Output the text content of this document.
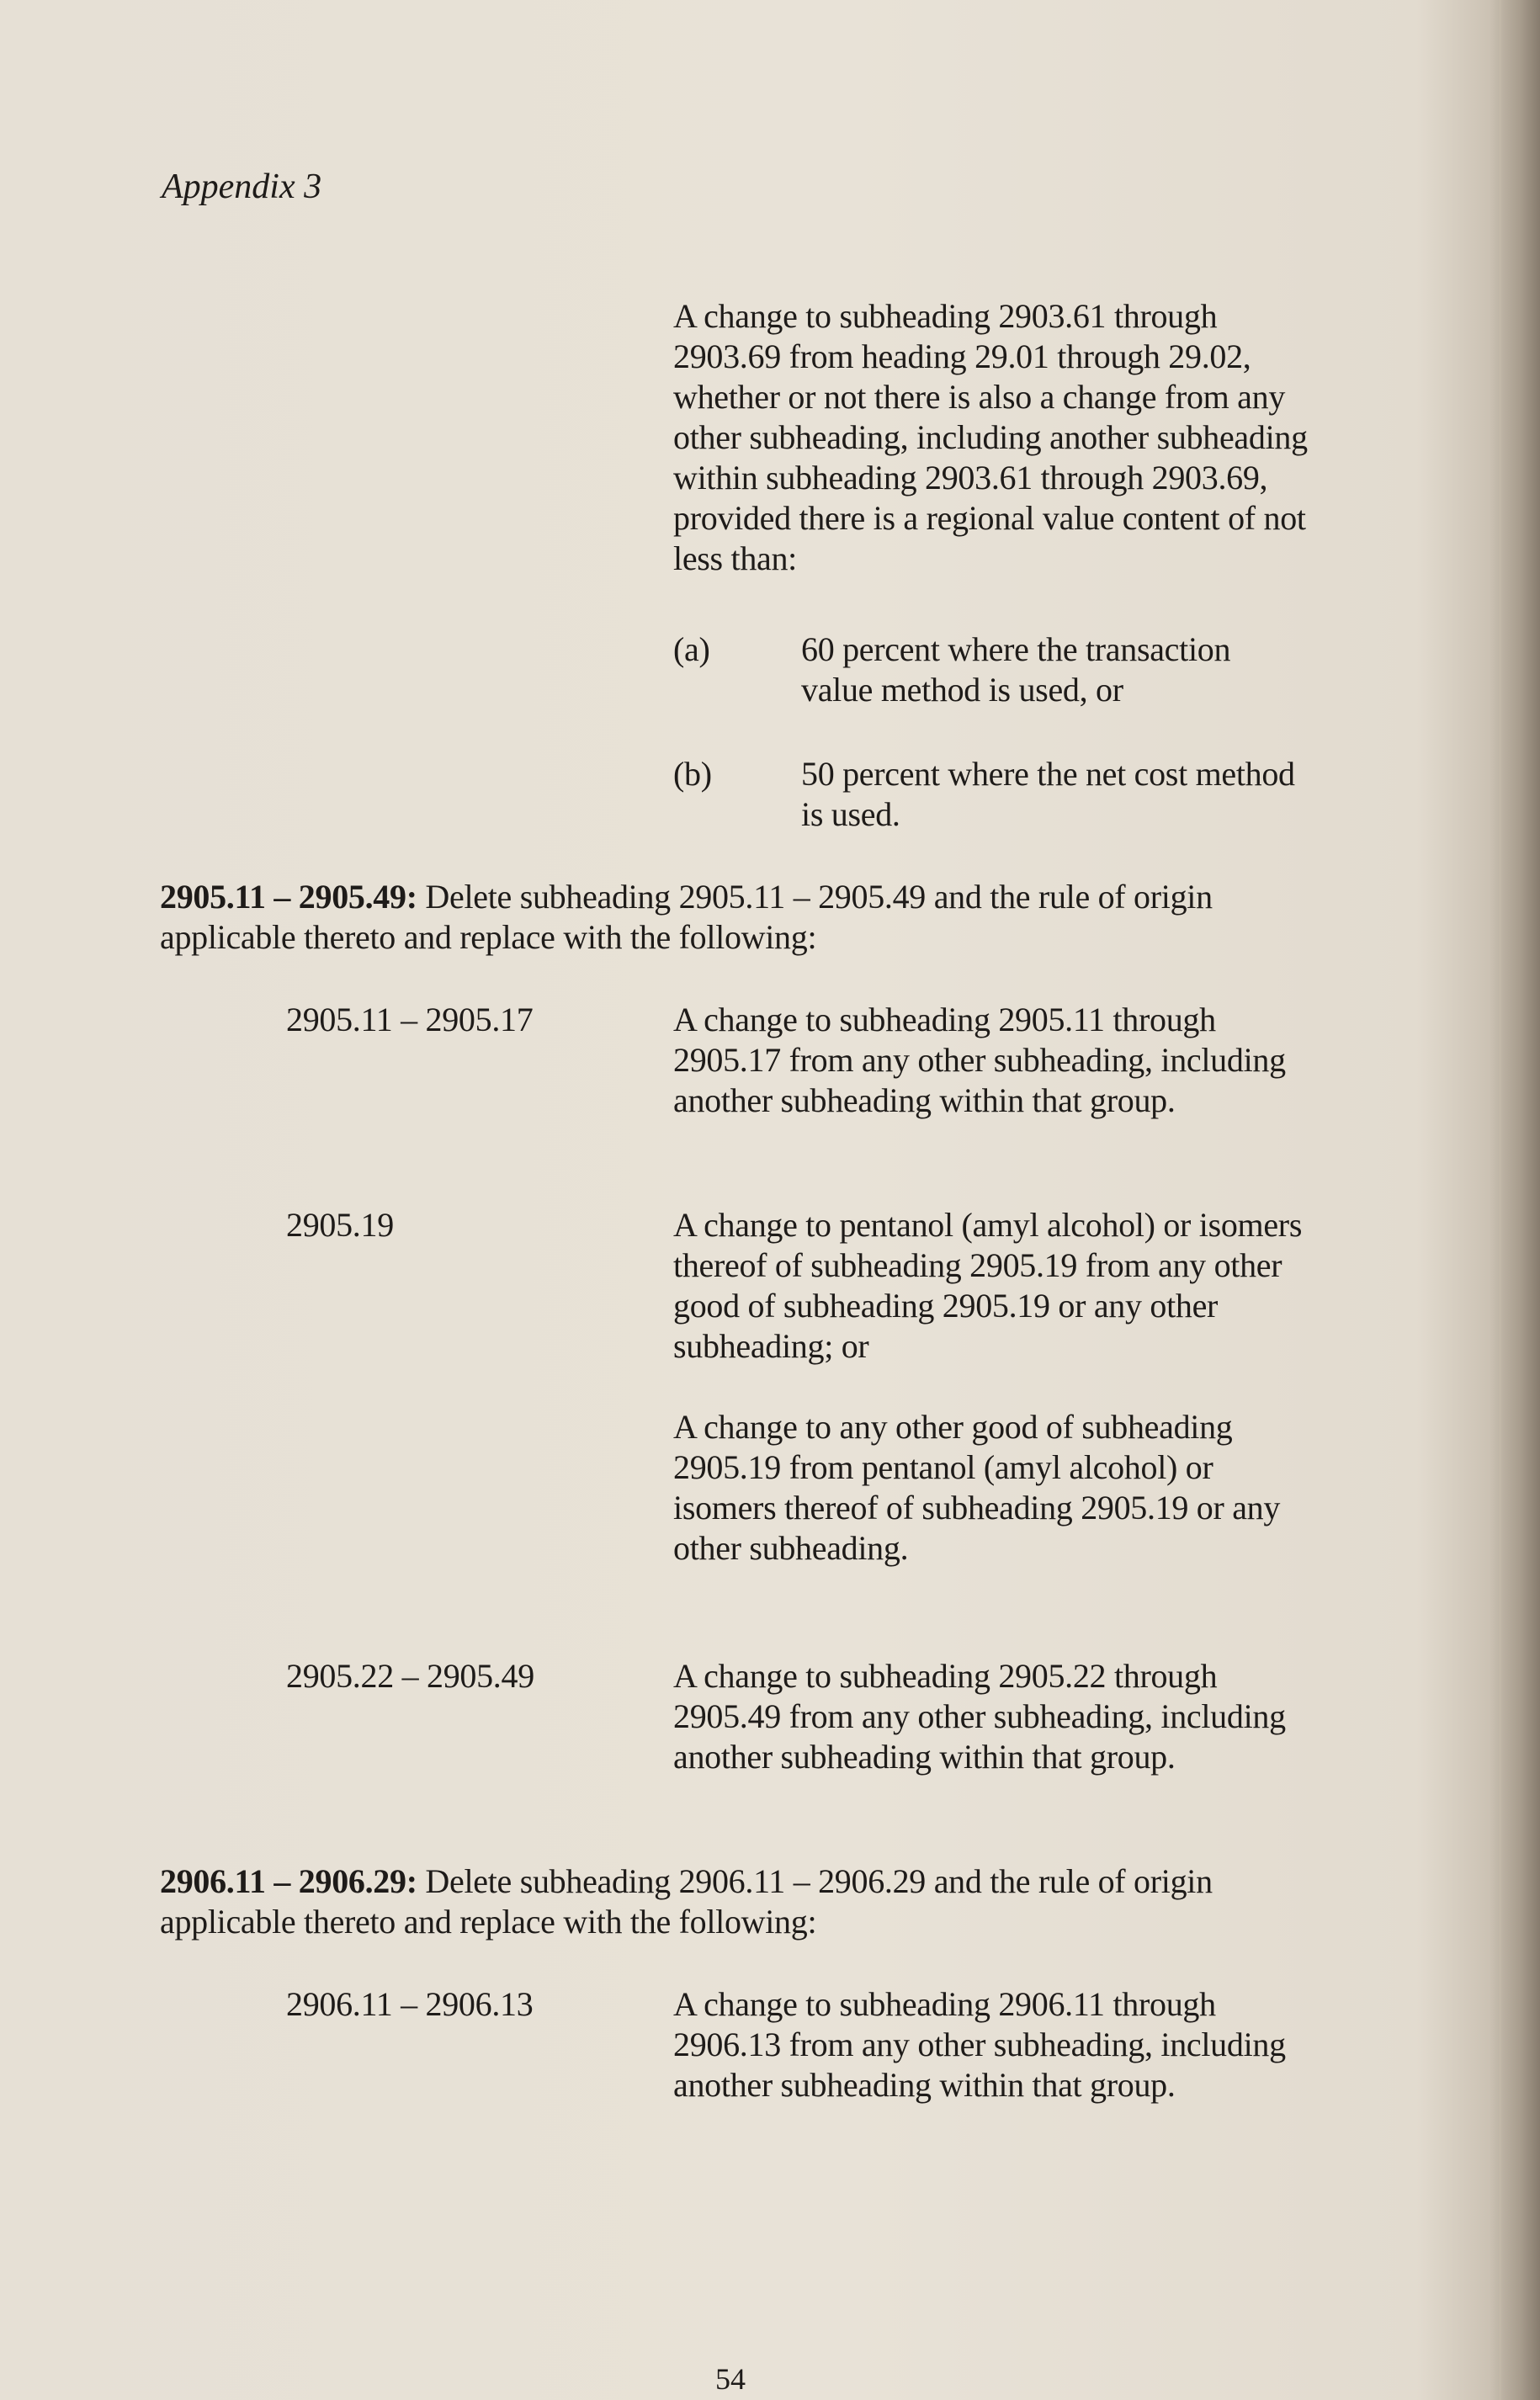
Appendix 3
A change to subheading 2903.61 through 2903.69 from heading 29.01 through 29.02, whether or not there is also a change from any other subheading, including another subheading within subheading 2903.61 through 2903.69, provided there is a regional value content of not less than:
(a)	60 percent where the transaction value method is used, or
(b)	50 percent where the net cost method is used.
2905.11 – 2905.49: Delete subheading 2905.11 – 2905.49 and the rule of origin applicable thereto and replace with the following:
2905.11 – 2905.17	A change to subheading 2905.11 through 2905.17 from any other subheading, including another subheading within that group.
2905.19	A change to pentanol (amyl alcohol) or isomers thereof of subheading 2905.19 from any other good of subheading 2905.19 or any other subheading; or
A change to any other good of subheading 2905.19 from pentanol (amyl alcohol) or isomers thereof of subheading 2905.19 or any other subheading.
2905.22 – 2905.49	A change to subheading 2905.22 through 2905.49 from any other subheading, including another subheading within that group.
2906.11 – 2906.29: Delete subheading 2906.11 – 2906.29 and the rule of origin applicable thereto and replace with the following:
2906.11 – 2906.13	A change to subheading 2906.11 through 2906.13 from any other subheading, including another subheading within that group.
54
